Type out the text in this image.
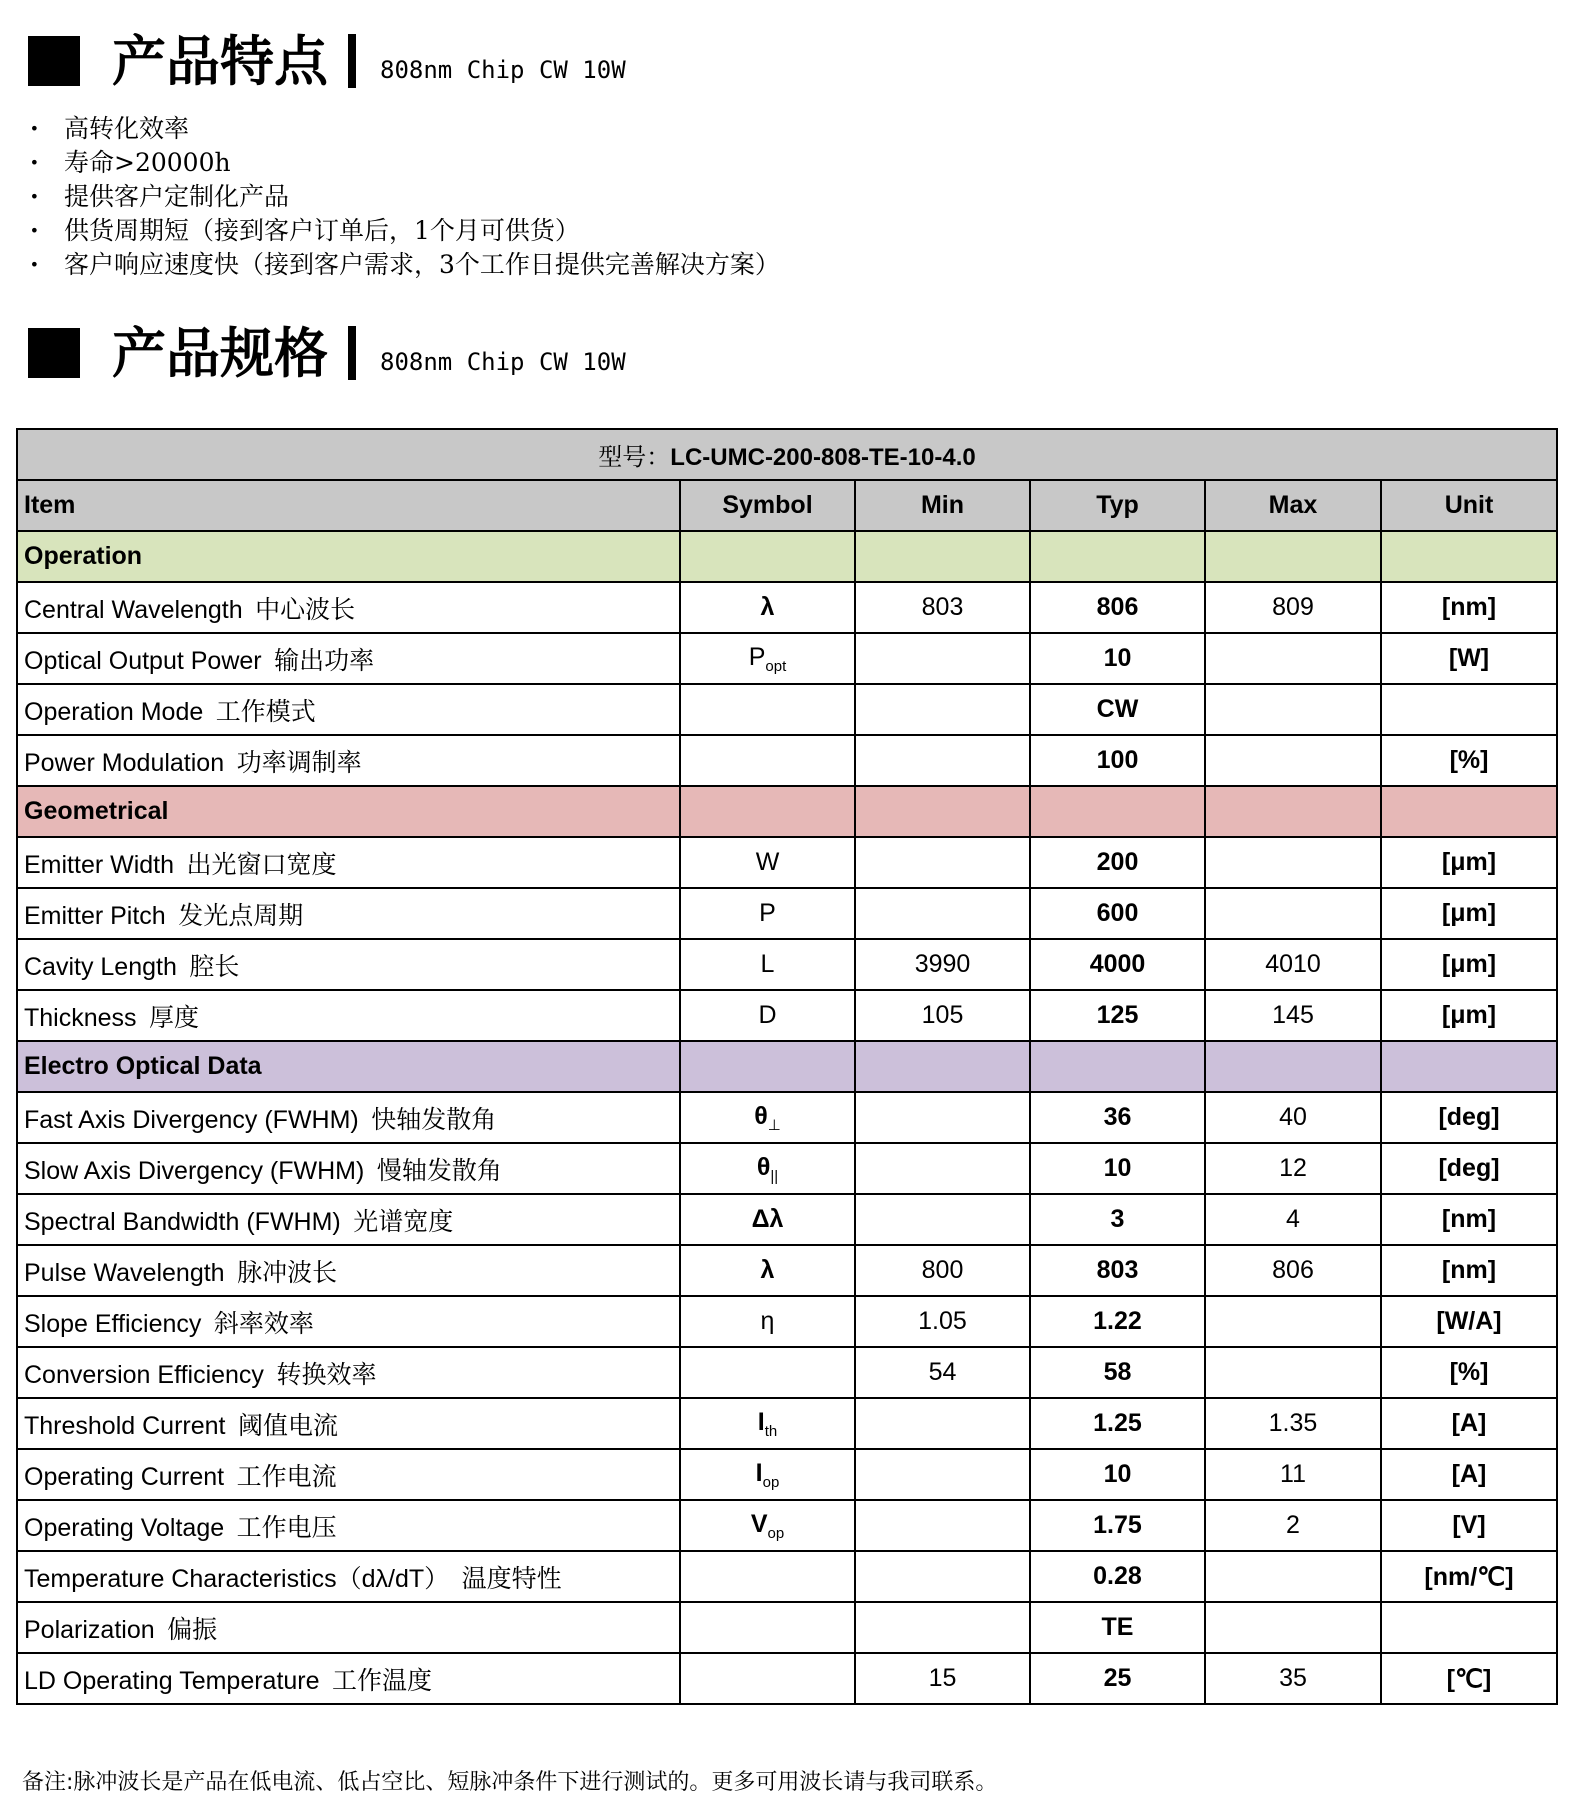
产品特点 808nm Chip CW 10W
· 高转化效率
· 寿命>20000h
· 提供客户定制化产品
· 供货周期短（接到客户订单后，1个月可供货）
· 客户响应速度快（接到客户需求，3个工作日提供完善解决方案）
产品规格 808nm Chip CW 10W
型号：LC-UMC-200-808-TE-10-4.0					
Item	Symbol	Min	Typ	Max	Unit
Operation					
Central Wavelength  中心波长	λ	803	806	809	[nm]
Optical Output Power  输出功率	$P_{opt}$		10		[W]
Operation Mode  工作模式			CW		
Power Modulation  功率调制率			100		[%]
Geometrical					
Emitter Width  出光窗口宽度	W		200		[μm]
Emitter Pitch  发光点周期	P		600		[μm]
Cavity Length  腔长	L	3990	4000	4010	[μm]
Thickness  厚度	D	105	125	145	[μm]
Electro Optical Data					
Fast Axis Divergency (FWHM)  快轴发散角	$\theta_\perp$		36	40	[deg]
Slow Axis Divergency (FWHM)  慢轴发散角	$\theta_{||}$		10	12	[deg]
Spectral Bandwidth (FWHM)  光谱宽度	Δλ		3	4	[nm]
Pulse Wavelength  脉冲波长	λ	800	803	806	[nm]
Slope Efficiency  斜率效率	η	1.05	1.22		[W/A]
Conversion Efficiency  转换效率		54	58		[%]
Threshold Current  阈值电流	$I_{th}$		1.25	1.35	[A]
Operating Current  工作电流	$I_{op}$		10	11	[A]
Operating Voltage  工作电压	$V_{op}$		1.75	2	[V]
Temperature Characteristics（dλ/dT）  温度特性			0.28		[nm/℃]
Polarization  偏振			TE		
LD Operating Temperature  工作温度		15	25	35	[℃]
备注:脉冲波长是产品在低电流、低占空比、短脉冲条件下进行测试的。更多可用波长请与我司联系。
